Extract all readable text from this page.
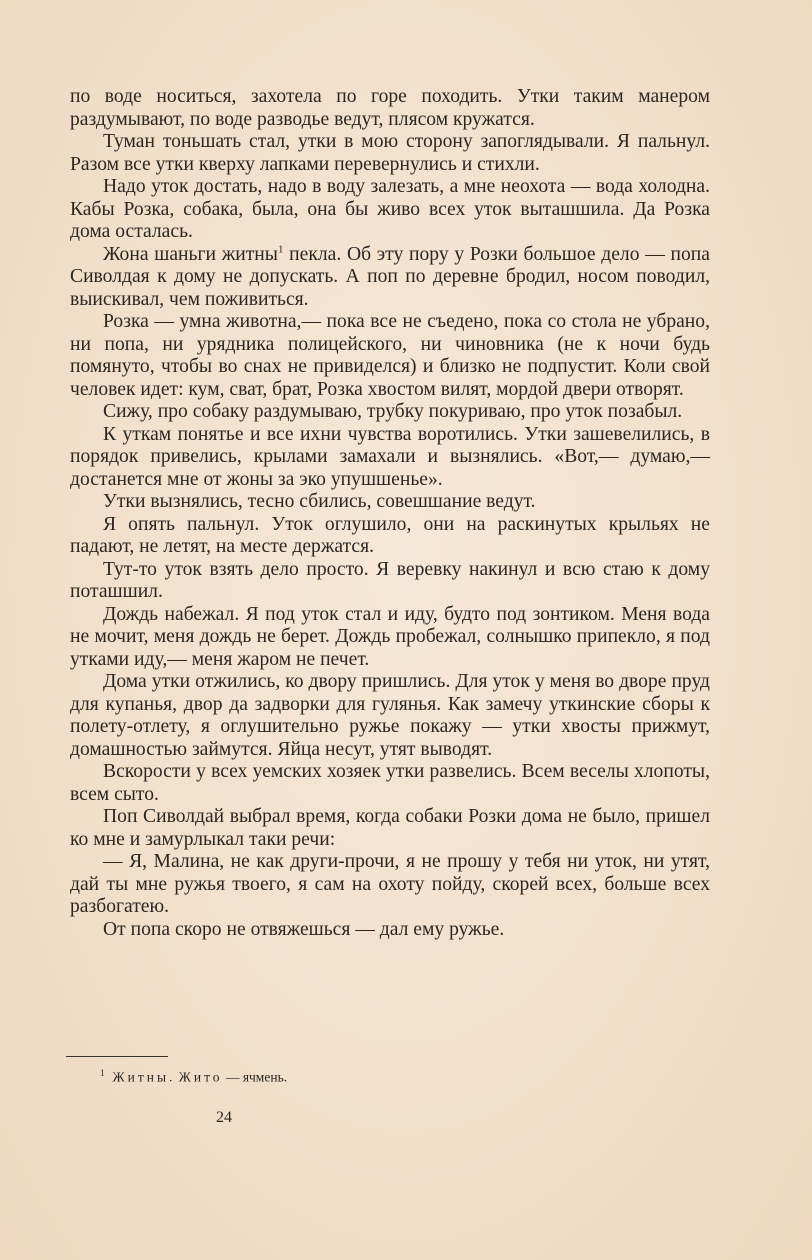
по воде носиться, захотела по горе походить. Утки таким манером раздумывают, по воде разводье ведут, плясом кружатся.

Туман тоньшать стал, утки в мою сторону запоглядывали. Я пальнул. Разом все утки кверху лапками перевернулись и стихли.

Надо уток достать, надо в воду залезать, а мне неохота — вода холодна. Кабы Розка, собака, была, она бы живо всех уток выташшила. Да Розка дома осталась.

Жона шаньги житны$^1$ пекла. Об эту пору у Розки большое дело — попа Сиволдая к дому не допускать. А поп по деревне бродил, носом поводил, выискивал, чем поживиться.

Розка — умна животна,— пока все не съедено, пока со стола не убрано, ни попа, ни урядника полицейского, ни чиновника (не к ночи будь помянуто, чтобы во снах не привиделся) и близко не подпустит. Коли свой человек идет: кум, сват, брат, Розка хвостом вилят, мордой двери отворят.

Сижу, про собаку раздумываю, трубку покуриваю, про уток позабыл.

К уткам понятье и все ихни чувства воротились. Утки зашевелились, в порядок привелись, крылами замахали и вызнялись. «Вот,— думаю,— достанется мне от жоны за эко упушшенье».

Утки вызнялись, тесно сбились, совешшание ведут.

Я опять пальнул. Уток оглушило, они на раскинутых крыльях не падают, не летят, на месте держатся.

Тут-то уток взять дело просто. Я веревку накинул и всю стаю к дому поташшил.

Дождь набежал. Я под уток стал и иду, будто под зонтиком. Меня вода не мочит, меня дождь не берет. Дождь пробежал, солнышко припекло, я под утками иду,— меня жаром не печет.

Дома утки отжились, ко двору пришлись. Для уток у меня во дворе пруд для купанья, двор да задворки для гулянья. Как замечу уткинские сборы к полету-отлету, я оглушительно ружье покажу — утки хвосты прижмут, домашностью займутся. Яйца несут, утят выводят.

Вскорости у всех уемских хозяек утки развелись. Всем веселы хлопоты, всем сыто.

Поп Сиволдай выбрал время, когда собаки Розки дома не было, пришел ко мне и замурлыкал таки речи:

— Я, Малина, не как други-прочи, я не прошу у тебя ни уток, ни утят, дай ты мне ружья твоего, я сам на охоту пойду, скорей всех, больше всех разбогатею.

От попа скоро не отвяжешься — дал ему ружье.

$^1$ Житны. Жито — ячмень.
24
